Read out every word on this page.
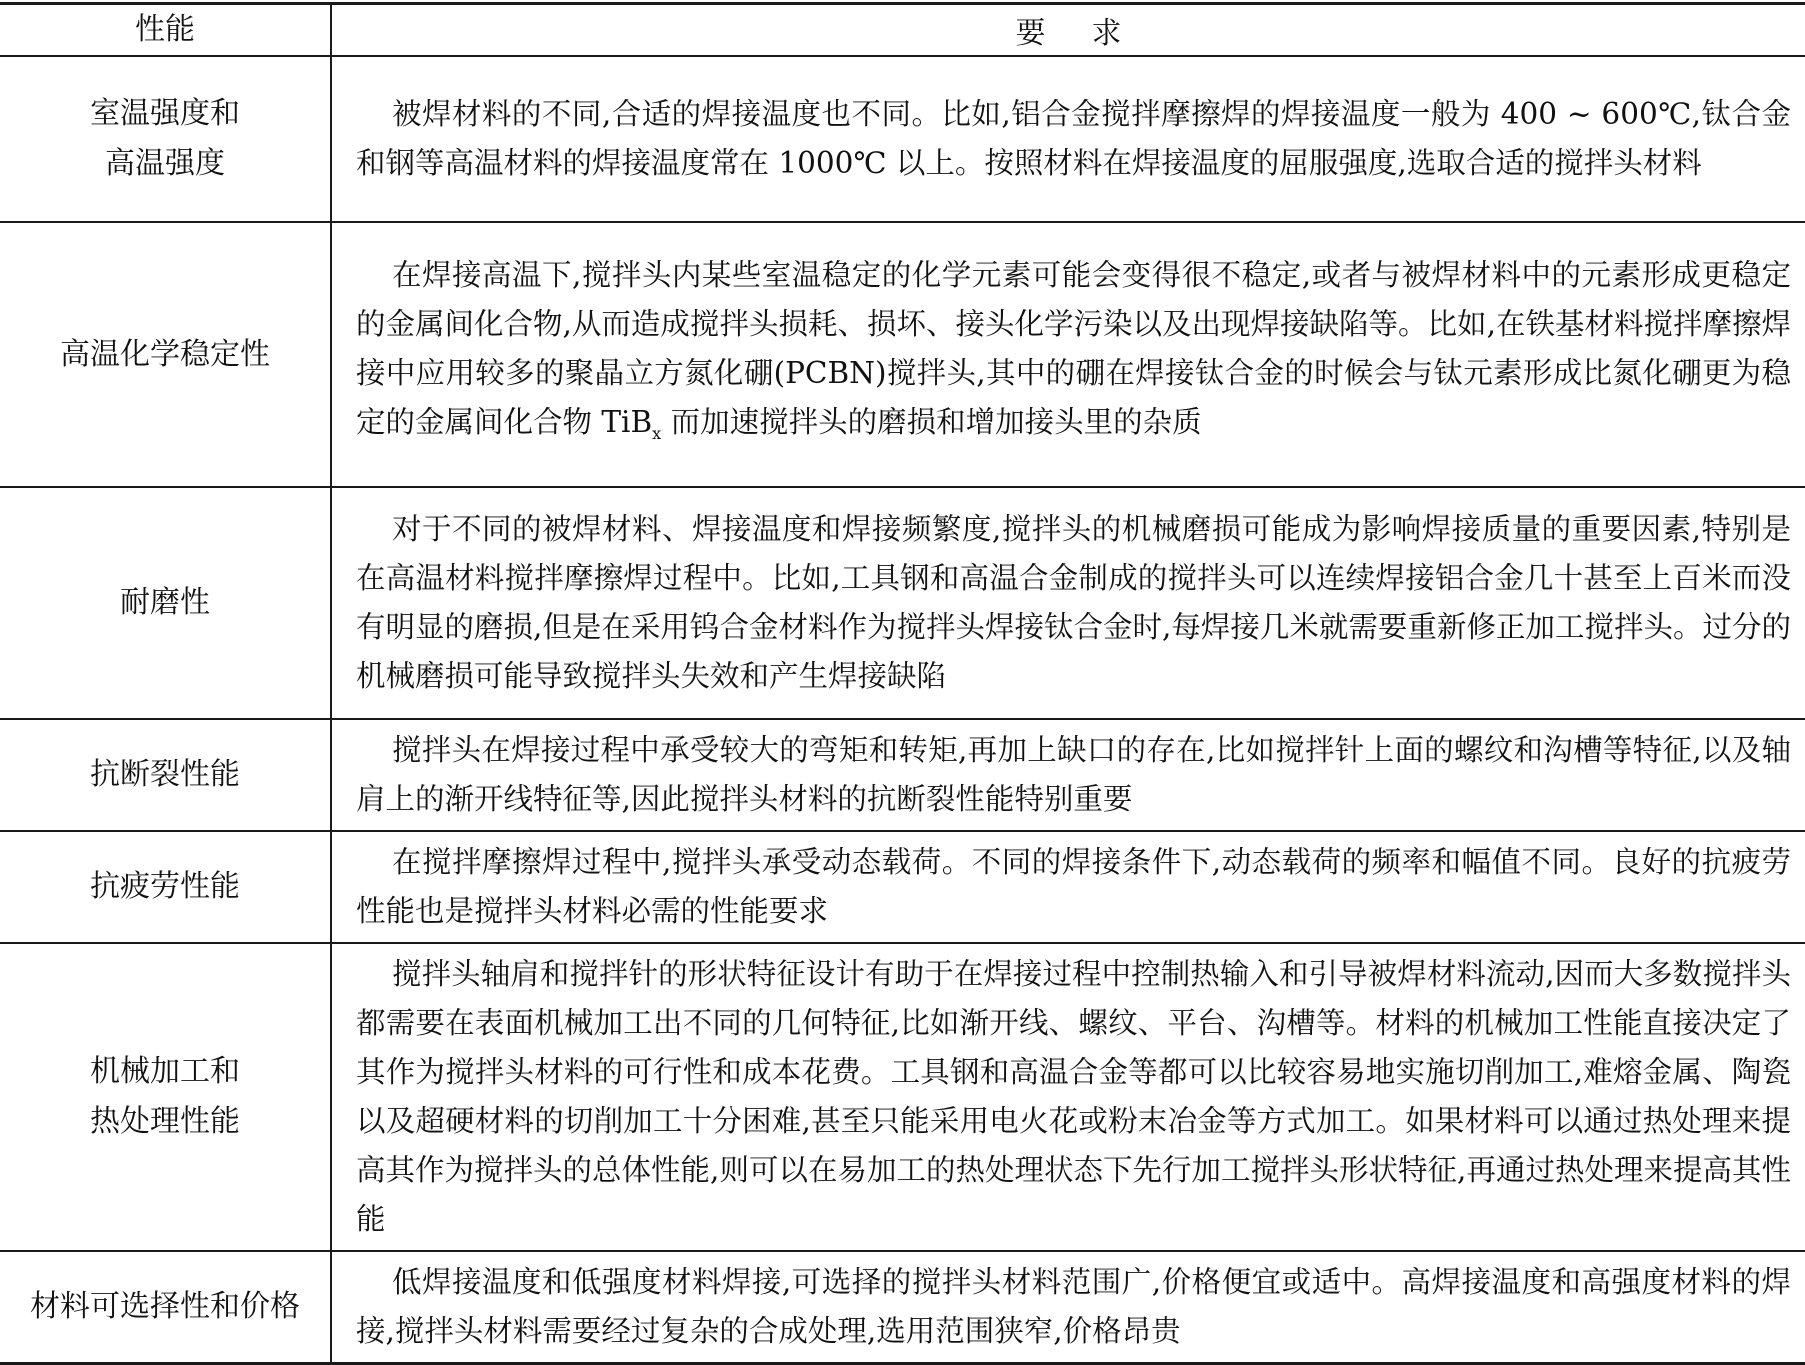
性能	要求

室温强度和
高温强度	被焊材料的不同,合适的焊接温度也不同。比如,铝合金搅拌摩擦焊的焊接温度一般为 400 ~ 600℃,钛合金和钢等高温材料的焊接温度常在 1000℃ 以上。按照材料在焊接温度的屈服强度,选取合适的搅拌头材料

高温化学稳定性	在焊接高温下,搅拌头内某些室温稳定的化学元素可能会变得很不稳定,或者与被焊材料中的元素形成更稳定的金属间化合物,从而造成搅拌头损耗、损坏、接头化学污染以及出现焊接缺陷等。比如,在铁基材料搅拌摩擦焊接中应用较多的聚晶立方氮化硼(PCBN)搅拌头,其中的硼在焊接钛合金的时候会与钛元素形成比氮化硼更为稳定的金属间化合物 TiB$_x$ 而加速搅拌头的磨损和增加接头里的杂质

耐磨性	对于不同的被焊材料、焊接温度和焊接频繁度,搅拌头的机械磨损可能成为影响焊接质量的重要因素,特别是在高温材料搅拌摩擦焊过程中。比如,工具钢和高温合金制成的搅拌头可以连续焊接铝合金几十甚至上百米而没有明显的磨损,但是在采用钨合金材料作为搅拌头焊接钛合金时,每焊接几米就需要重新修正加工搅拌头。过分的机械磨损可能导致搅拌头失效和产生焊接缺陷

抗断裂性能	搅拌头在焊接过程中承受较大的弯矩和转矩,再加上缺口的存在,比如搅拌针上面的螺纹和沟槽等特征,以及轴肩上的渐开线特征等,因此搅拌头材料的抗断裂性能特别重要

抗疲劳性能	在搅拌摩擦焊过程中,搅拌头承受动态载荷。不同的焊接条件下,动态载荷的频率和幅值不同。良好的抗疲劳性能也是搅拌头材料必需的性能要求

机械加工和
热处理性能	搅拌头轴肩和搅拌针的形状特征设计有助于在焊接过程中控制热输入和引导被焊材料流动,因而大多数搅拌头都需要在表面机械加工出不同的几何特征,比如渐开线、螺纹、平台、沟槽等。材料的机械加工性能直接决定了其作为搅拌头材料的可行性和成本花费。工具钢和高温合金等都可以比较容易地实施切削加工,难熔金属、陶瓷以及超硬材料的切削加工十分困难,甚至只能采用电火花或粉末冶金等方式加工。如果材料可以通过热处理来提高其作为搅拌头的总体性能,则可以在易加工的热处理状态下先行加工搅拌头形状特征,再通过热处理来提高其性能

材料可选择性和价格	低焊接温度和低强度材料焊接,可选择的搅拌头材料范围广,价格便宜或适中。高焊接温度和高强度材料的焊接,搅拌头材料需要经过复杂的合成处理,选用范围狭窄,价格昂贵
